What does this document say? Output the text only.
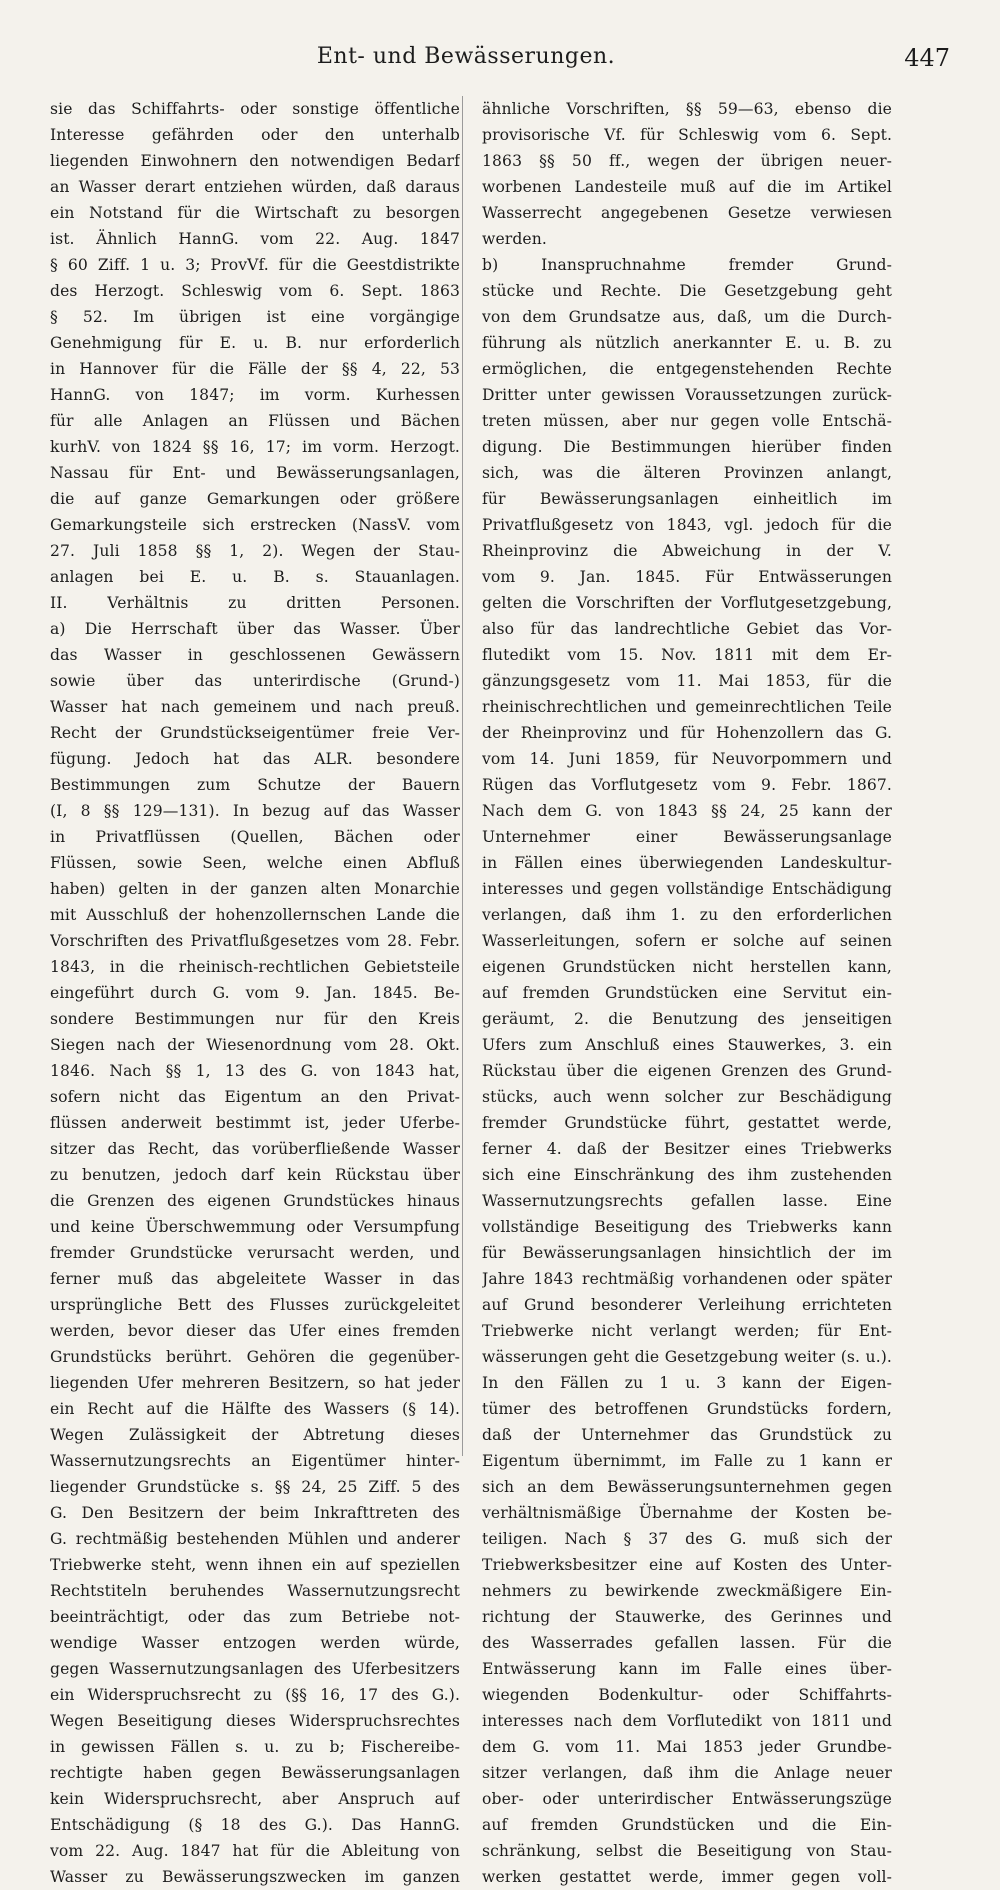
Ent- und Bewässerungen.	447
sie das Schiffahrts- oder sonstige öffentliche
Interesse gefährden oder den unterhalb
liegenden Einwohnern den notwendigen Bedarf
an Wasser derart entziehen würden, daß daraus
ein Notstand für die Wirtschaft zu besorgen
ist. Ähnlich HannG. vom 22. Aug. 1847
§ 60 Ziff. 1 u. 3; ProvVf. für die Geestdistrikte
des Herzogt. Schleswig vom 6. Sept. 1863
§ 52. Im übrigen ist eine vorgängige
Genehmigung für E. u. B. nur erforderlich
in Hannover für die Fälle der §§ 4, 22, 53
HannG. von 1847; im vorm. Kurhessen
für alle Anlagen an Flüssen und Bächen
kurhV. von 1824 §§ 16, 17; im vorm. Herzogt.
Nassau für Ent- und Bewässerungsanlagen,
die auf ganze Gemarkungen oder größere
Gemarkungsteile sich erstrecken (NassV. vom
27. Juli 1858 §§ 1, 2). Wegen der Stau-
anlagen bei E. u. B. s. Stauanlagen.
II. Verhältnis zu dritten Personen.
a) Die Herrschaft über das Wasser. Über
das Wasser in geschlossenen Gewässern
sowie über das unterirdische (Grund-)
Wasser hat nach gemeinem und nach preuß.
Recht der Grundstückseigentümer freie Ver-
fügung. Jedoch hat das ALR. besondere
Bestimmungen zum Schutze der Bauern
(I, 8 §§ 129—131). In bezug auf das Wasser
in Privatflüssen (Quellen, Bächen oder
Flüssen, sowie Seen, welche einen Abfluß
haben) gelten in der ganzen alten Monarchie
mit Ausschluß der hohenzollernschen Lande die
Vorschriften des Privatflußgesetzes vom 28. Febr.
1843, in die rheinisch-rechtlichen Gebietsteile
eingeführt durch G. vom 9. Jan. 1845. Be-
sondere Bestimmungen nur für den Kreis
Siegen nach der Wiesenordnung vom 28. Okt.
1846. Nach §§ 1, 13 des G. von 1843 hat,
sofern nicht das Eigentum an den Privat-
flüssen anderweit bestimmt ist, jeder Uferbe-
sitzer das Recht, das vorüberfließende Wasser
zu benutzen, jedoch darf kein Rückstau über
die Grenzen des eigenen Grundstückes hinaus
und keine Überschwemmung oder Versumpfung
fremder Grundstücke verursacht werden, und
ferner muß das abgeleitete Wasser in das
ursprüngliche Bett des Flusses zurückgeleitet
werden, bevor dieser das Ufer eines fremden
Grundstücks berührt. Gehören die gegenüber-
liegenden Ufer mehreren Besitzern, so hat jeder
ein Recht auf die Hälfte des Wassers (§ 14).
Wegen Zulässigkeit der Abtretung dieses
Wassernutzungsrechts an Eigentümer hinter-
liegender Grundstücke s. §§ 24, 25 Ziff. 5 des
G. Den Besitzern der beim Inkrafttreten des
G. rechtmäßig bestehenden Mühlen und anderer
Triebwerke steht, wenn ihnen ein auf speziellen
Rechtstiteln beruhendes Wassernutzungsrecht
beeinträchtigt, oder das zum Betriebe not-
wendige Wasser entzogen werden würde,
gegen Wassernutzungsanlagen des Uferbesitzers
ein Widerspruchsrecht zu (§§ 16, 17 des G.).
Wegen Beseitigung dieses Widerspruchsrechtes
in gewissen Fällen s. u. zu b; Fischereibe-
rechtigte haben gegen Bewässerungsanlagen
kein Widerspruchsrecht, aber Anspruch auf
Entschädigung (§ 18 des G.). Das HannG.
vom 22. Aug. 1847 hat für die Ableitung von
Wasser zu Bewässerungszwecken im ganzen
ähnliche Vorschriften, §§ 59—63, ebenso die
provisorische Vf. für Schleswig vom 6. Sept.
1863 §§ 50 ff., wegen der übrigen neuer-
worbenen Landesteile muß auf die im Artikel
Wasserrecht angegebenen Gesetze verwiesen
werden.
b) Inanspruchnahme fremder Grund-
stücke und Rechte. Die Gesetzgebung geht
von dem Grundsatze aus, daß, um die Durch-
führung als nützlich anerkannter E. u. B. zu
ermöglichen, die entgegenstehenden Rechte
Dritter unter gewissen Voraussetzungen zurück-
treten müssen, aber nur gegen volle Entschä-
digung. Die Bestimmungen hierüber finden
sich, was die älteren Provinzen anlangt,
für Bewässerungsanlagen einheitlich im
Privatflußgesetz von 1843, vgl. jedoch für die
Rheinprovinz die Abweichung in der V.
vom 9. Jan. 1845. Für Entwässerungen
gelten die Vorschriften der Vorflutgesetzgebung,
also für das landrechtliche Gebiet das Vor-
flutedikt vom 15. Nov. 1811 mit dem Er-
gänzungsgesetz vom 11. Mai 1853, für die
rheinischrechtlichen und gemeinrechtlichen Teile
der Rheinprovinz und für Hohenzollern das G.
vom 14. Juni 1859, für Neuvorpommern und
Rügen das Vorflutgesetz vom 9. Febr. 1867.
Nach dem G. von 1843 §§ 24, 25 kann der
Unternehmer einer Bewässerungsanlage
in Fällen eines überwiegenden Landeskultur-
interesses und gegen vollständige Entschädigung
verlangen, daß ihm 1. zu den erforderlichen
Wasserleitungen, sofern er solche auf seinen
eigenen Grundstücken nicht herstellen kann,
auf fremden Grundstücken eine Servitut ein-
geräumt, 2. die Benutzung des jenseitigen
Ufers zum Anschluß eines Stauwerkes, 3. ein
Rückstau über die eigenen Grenzen des Grund-
stücks, auch wenn solcher zur Beschädigung
fremder Grundstücke führt, gestattet werde,
ferner 4. daß der Besitzer eines Triebwerks
sich eine Einschränkung des ihm zustehenden
Wassernutzungsrechts gefallen lasse. Eine
vollständige Beseitigung des Triebwerks kann
für Bewässerungsanlagen hinsichtlich der im
Jahre 1843 rechtmäßig vorhandenen oder später
auf Grund besonderer Verleihung errichteten
Triebwerke nicht verlangt werden; für Ent-
wässerungen geht die Gesetzgebung weiter (s. u.).
In den Fällen zu 1 u. 3 kann der Eigen-
tümer des betroffenen Grundstücks fordern,
daß der Unternehmer das Grundstück zu
Eigentum übernimmt, im Falle zu 1 kann er
sich an dem Bewässerungsunternehmen gegen
verhältnismäßige Übernahme der Kosten be-
teiligen. Nach § 37 des G. muß sich der
Triebwerksbesitzer eine auf Kosten des Unter-
nehmers zu bewirkende zweckmäßigere Ein-
richtung der Stauwerke, des Gerinnes und
des Wasserrades gefallen lassen. Für die
Entwässerung kann im Falle eines über-
wiegenden Bodenkultur- oder Schiffahrts-
interesses nach dem Vorflutedikt von 1811 und
dem G. vom 11. Mai 1853 jeder Grundbe-
sitzer verlangen, daß ihm die Anlage neuer
ober- oder unterirdischer Entwässerungszüge
auf fremden Grundstücken und die Ein-
schränkung, selbst die Beseitigung von Stau-
werken gestattet werde, immer gegen voll-
